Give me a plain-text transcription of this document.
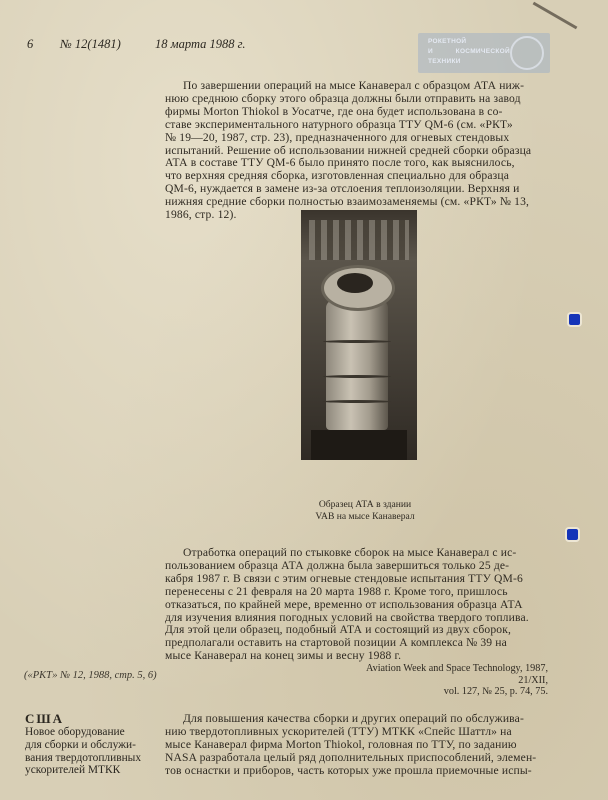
6 № 12(1481)	18 марта 1988 г.	РОКЕТНОЙ
И КОСМИЧЕСКОЙ
ТЕХНИКИ
По завершении операций на мысе Канаверал с образцом АТА ниж-
нюю среднюю сборку этого образца должны были отправить на завод
фирмы Morton Thiokol в Уосатче, где она будет использована в со-
ставе экспериментального натурного образца ТТУ QM-6 (см. «РКТ»
№ 19—20, 1987, стр. 23), предназначенного для огневых стендовых
испытаний. Решение об использовании нижней средней сборки образца
АТА в составе ТТУ QM-6 было принято после того, как выяснилось,
что верхняя средняя сборка, изготовленная специально для образца
QM-6, нуждается в замене из-за отслоения теплоизоляции. Верхняя и
нижняя средние сборки полностью взаимозаменяемы (см. «РКТ» № 13,
1986, стр. 12).
Образец АТА в здании
VAB на мысе Канаверал
Отработка операций по стыковке сборок на мысе Канаверал с ис-
пользованием образца АТА должна была завершиться только 25 де-
кабря 1987 г. В связи с этим огневые стендовые испытания ТТУ QM-6
перенесены с 21 февраля на 20 марта 1988 г. Кроме того, пришлось
отказаться, по крайней мере, временно от использования образца АТА
для изучения влияния погодных условий на свойства твердого топлива.
Для этой цели образец, подобный АТА и состоящий из двух сборок,
предполагали оставить на стартовой позиции А комплекса № 39 на
мысе Канаверал на конец зимы и весну 1988 г.
Aviation Week and Space Technology, 1987, 21/XII,
vol. 127, № 25, p. 74, 75.
(«РКТ» № 12, 1988, стр. 5, 6)
США
Новое оборудование
для сборки и обслужи-
вания твердотопливных
ускорителей МТКК
Для повышения качества сборки и других операций по обслужива-
нию твердотопливных ускорителей (ТТУ) МТКК «Спейс Шаттл» на
мысе Канаверал фирма Morton Thiokol, головная по ТТУ, по заданию
NASA разработала целый ряд дополнительных приспособлений, элемен-
тов оснастки и приборов, часть которых уже прошла приемочные испы-
